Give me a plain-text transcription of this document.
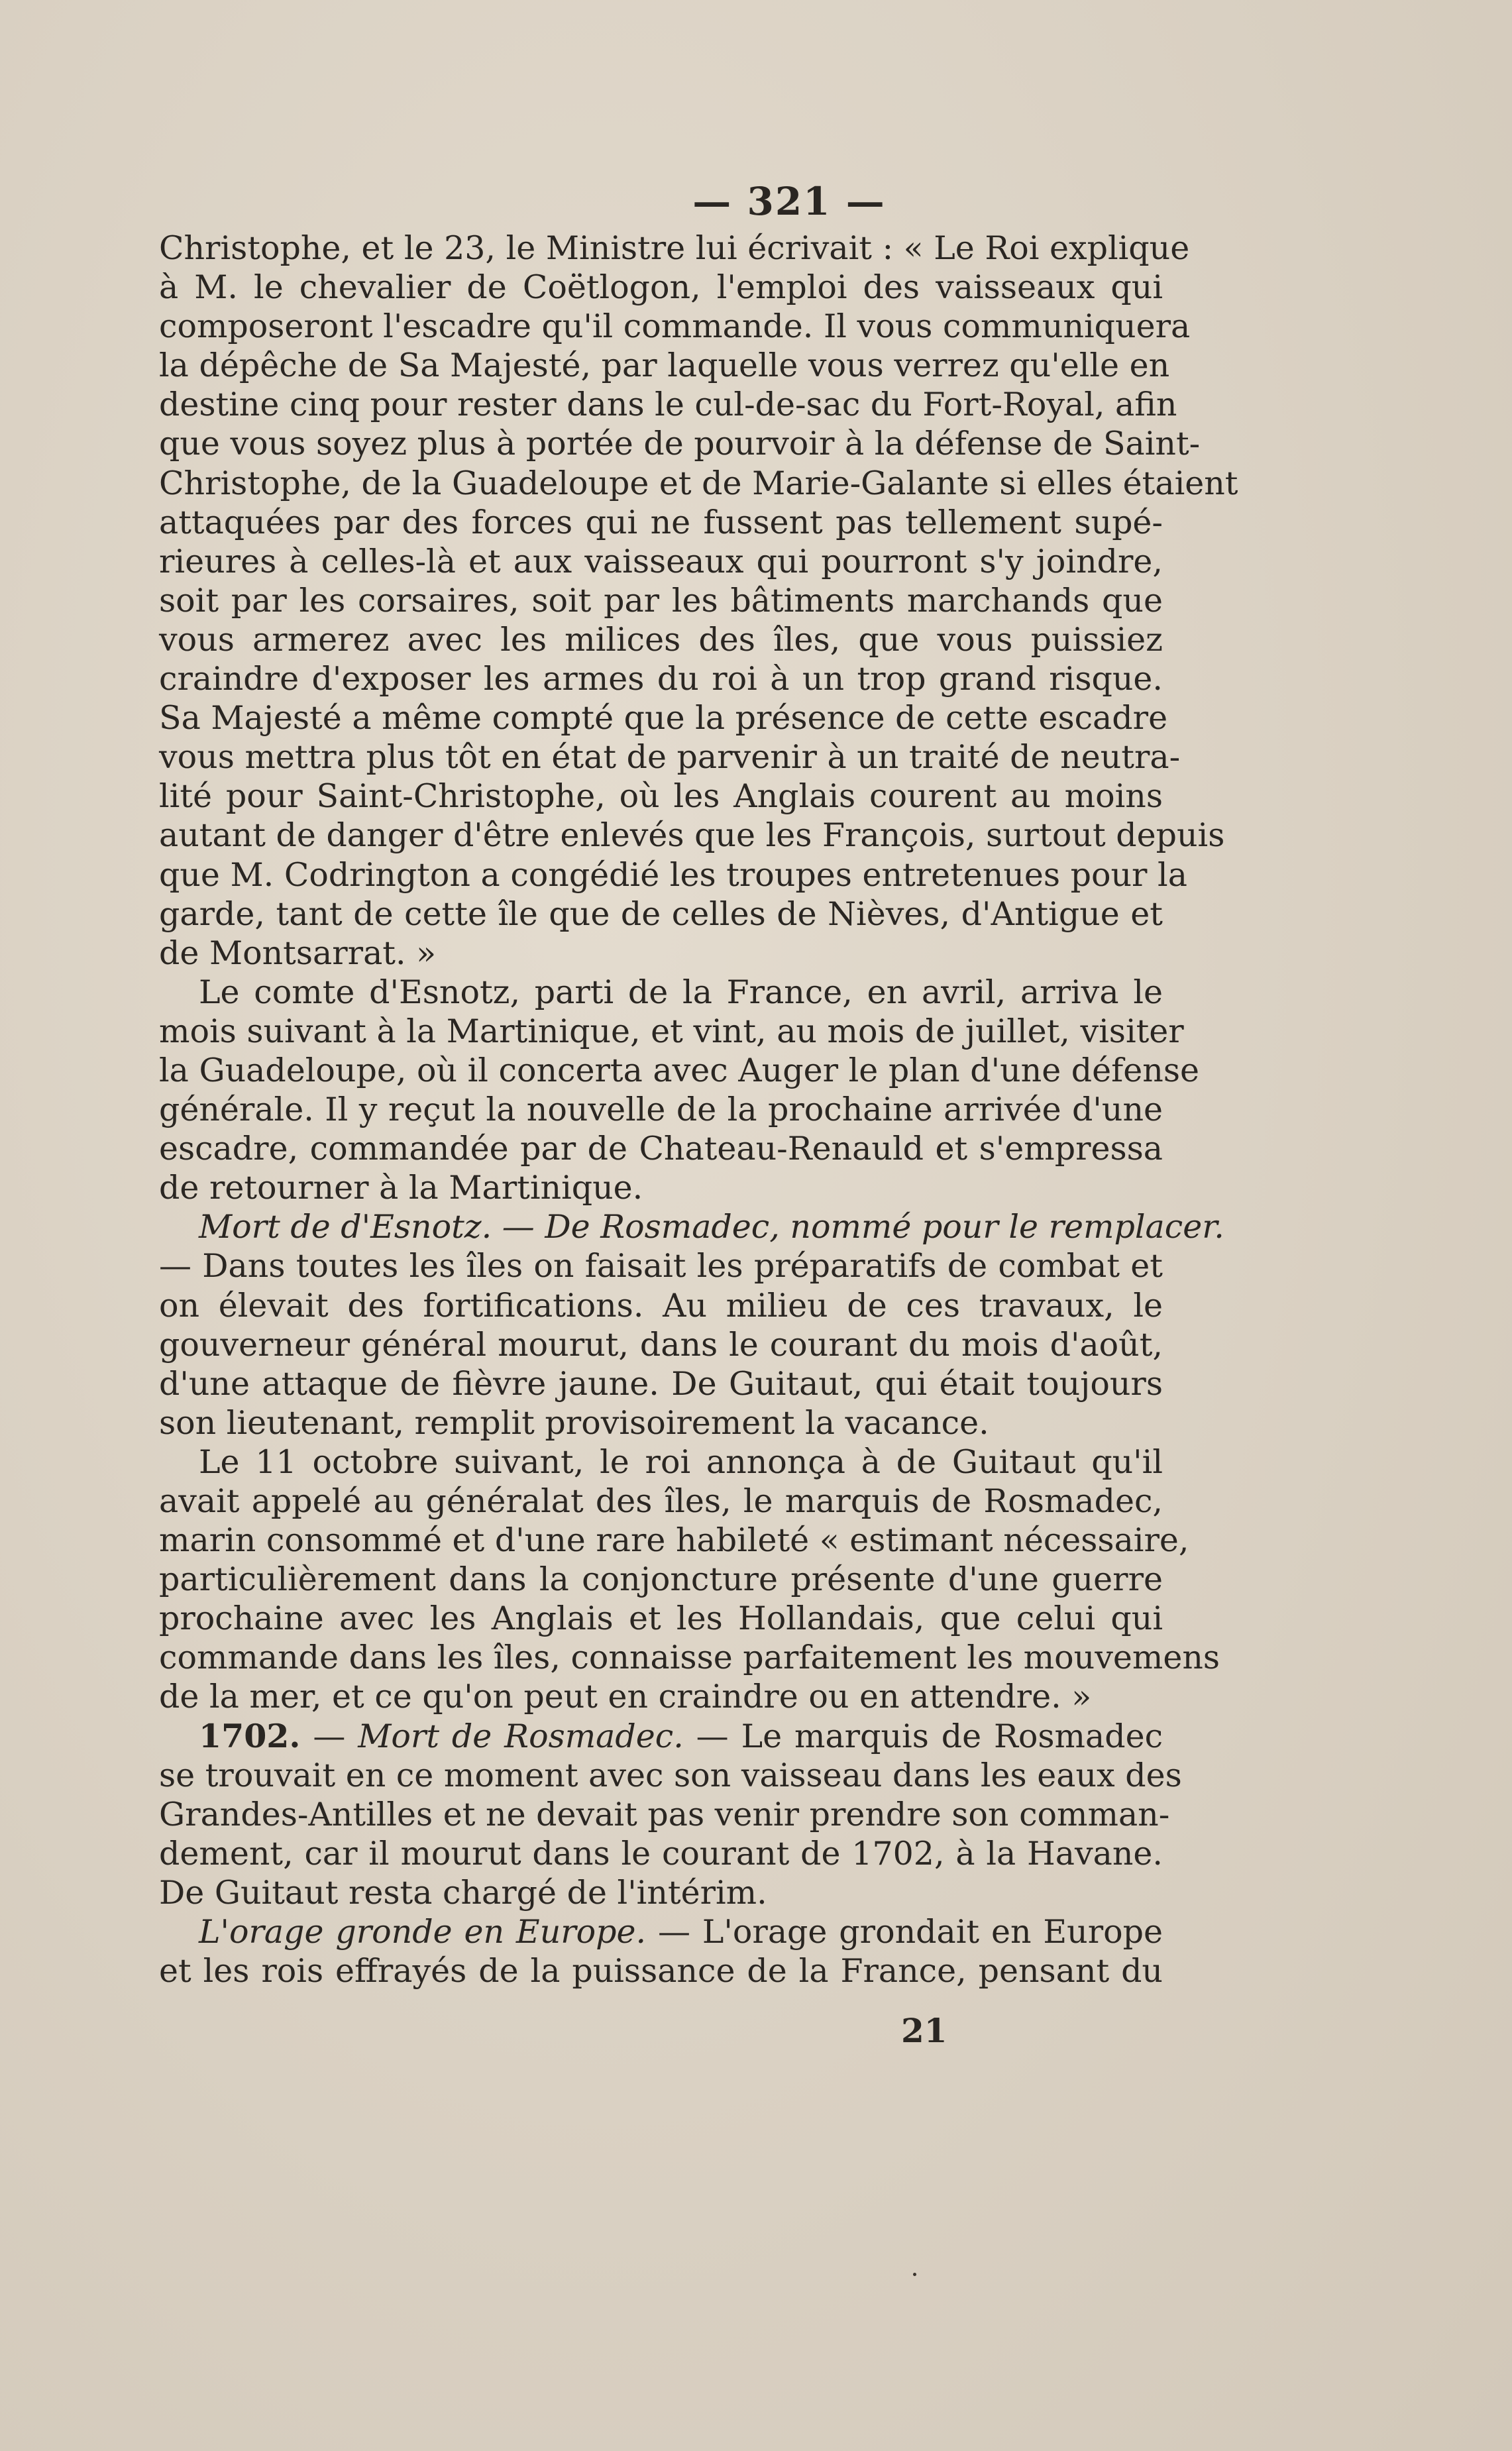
— 321 —
Christophe, et le 23, le Ministre lui écrivait : « Le Roi explique
à M. le chevalier de Coëtlogon, l'emploi des vaisseaux qui
composeront l'escadre qu'il commande. Il vous communiquera
la dépêche de Sa Majesté, par laquelle vous verrez qu'elle en
destine cinq pour rester dans le cul-de-sac du Fort-Royal, afin
que vous soyez plus à portée de pourvoir à la défense de Saint-
Christophe, de la Guadeloupe et de Marie-Galante si elles étaient
attaquées par des forces qui ne fussent pas tellement supé-
rieures à celles-là et aux vaisseaux qui pourront s'y joindre,
soit par les corsaires, soit par les bâtiments marchands que
vous armerez avec les milices des îles, que vous puissiez
craindre d'exposer les armes du roi à un trop grand risque.
Sa Majesté a même compté que la présence de cette escadre
vous mettra plus tôt en état de parvenir à un traité de neutra-
lité pour Saint-Christophe, où les Anglais courent au moins
autant de danger d'être enlevés que les François, surtout depuis
que M. Codrington a congédié les troupes entretenues pour la
garde, tant de cette île que de celles de Nièves, d'Antigue et
de Montsarrat. »
Le comte d'Esnotz, parti de la France, en avril, arriva le
mois suivant à la Martinique, et vint, au mois de juillet, visiter
la Guadeloupe, où il concerta avec Auger le plan d'une défense
générale. Il y reçut la nouvelle de la prochaine arrivée d'une
escadre, commandée par de Chateau-Renauld et s'empressa
de retourner à la Martinique.
Mort de d'Esnotz. — De Rosmadec, nommé pour le remplacer.
— Dans toutes les îles on faisait les préparatifs de combat et
on élevait des fortifications. Au milieu de ces travaux, le
gouverneur général mourut, dans le courant du mois d'août,
d'une attaque de fièvre jaune. De Guitaut, qui était toujours
son lieutenant, remplit provisoirement la vacance.
Le 11 octobre suivant, le roi annonça à de Guitaut qu'il
avait appelé au généralat des îles, le marquis de Rosmadec,
marin consommé et d'une rare habileté « estimant nécessaire,
particulièrement dans la conjoncture présente d'une guerre
prochaine avec les Anglais et les Hollandais, que celui qui
commande dans les îles, connaisse parfaitement les mouvemens
de la mer, et ce qu'on peut en craindre ou en attendre. »
1702. — Mort de Rosmadec. — Le marquis de Rosmadec
se trouvait en ce moment avec son vaisseau dans les eaux des
Grandes-Antilles et ne devait pas venir prendre son comman-
dement, car il mourut dans le courant de 1702, à la Havane.
De Guitaut resta chargé de l'intérim.
L'orage gronde en Europe. — L'orage grondait en Europe
et les rois effrayés de la puissance de la France, pensant du
21
